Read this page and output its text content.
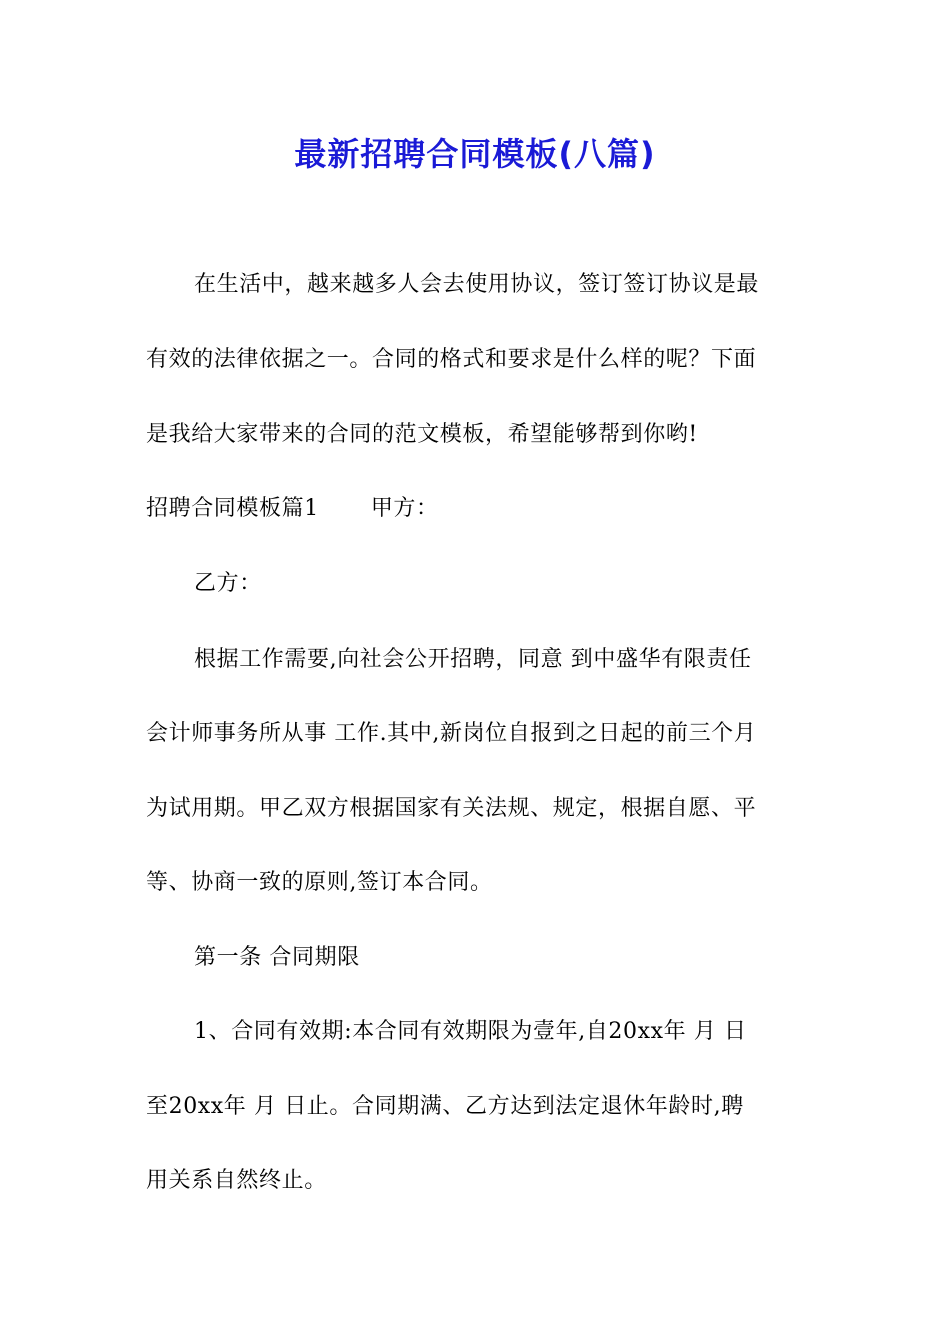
最新招聘合同模板(八篇)
在生活中，越来越多人会去使用协议，签订签订协议是最
有效的法律依据之一。合同的格式和要求是什么样的呢？下面
是我给大家带来的合同的范文模板，希望能够帮到你哟!
招聘合同模板篇1 甲方：
乙方：
根据工作需要,向社会公开招聘，同意 到中盛华有限责任
会计师事务所从事 工作.其中,新岗位自报到之日起的前三个月
为试用期。甲乙双方根据国家有关法规、规定，根据自愿、平
等、协商一致的原则,签订本合同。
第一条 合同期限
1、合同有效期:本合同有效期限为壹年,自20xx年 月 日
至20xx年 月 日止。合同期满、乙方达到法定退休年龄时,聘
用关系自然终止。
